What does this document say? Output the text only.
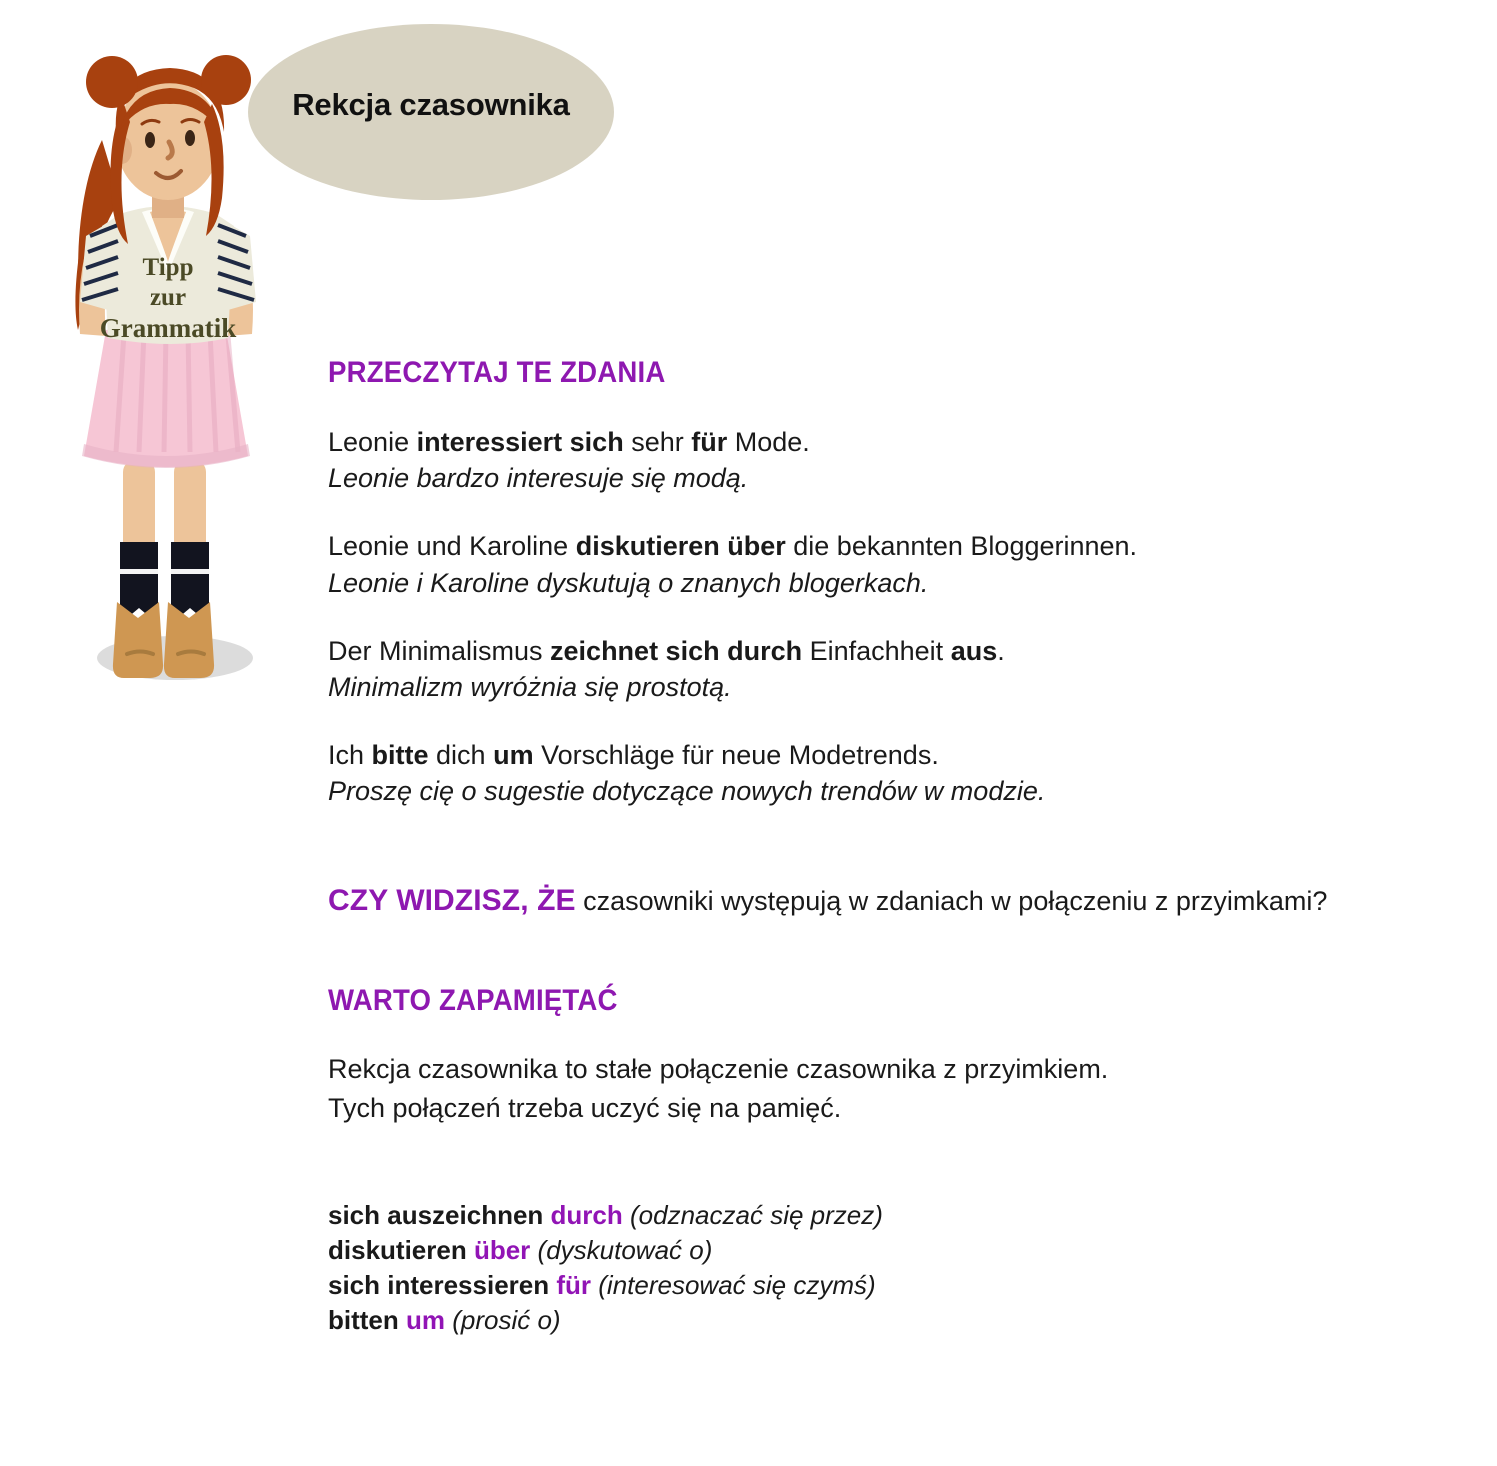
Tipp
zur
Grammatik
Rekcja czasownika
PRZECZYTAJ TE ZDANIA
Leonie interessiert sich sehr für Mode.
Leonie bardzo interesuje się modą.
Leonie und Karoline diskutieren über die bekannten Bloggerinnen.
Leonie i Karoline dyskutują o znanych blogerkach.
Der Minimalismus zeichnet sich durch Einfachheit aus.
Minimalizm wyróżnia się prostotą.
Ich bitte dich um Vorschläge für neue Modetrends.
Proszę cię o sugestie dotyczące nowych trendów w modzie.
CZY WIDZISZ, ŻE czasowniki występują w zdaniach w połączeniu z przyimkami?
WARTO ZAPAMIĘTAĆ
Rekcja czasownika to stałe połączenie czasownika z przyimkiem.
Tych połączeń trzeba uczyć się na pamięć.
sich auszeichnen durch (odznaczać się przez)
diskutieren über (dyskutować o)
sich interessieren für (interesować się czymś)
bitten um (prosić o)
